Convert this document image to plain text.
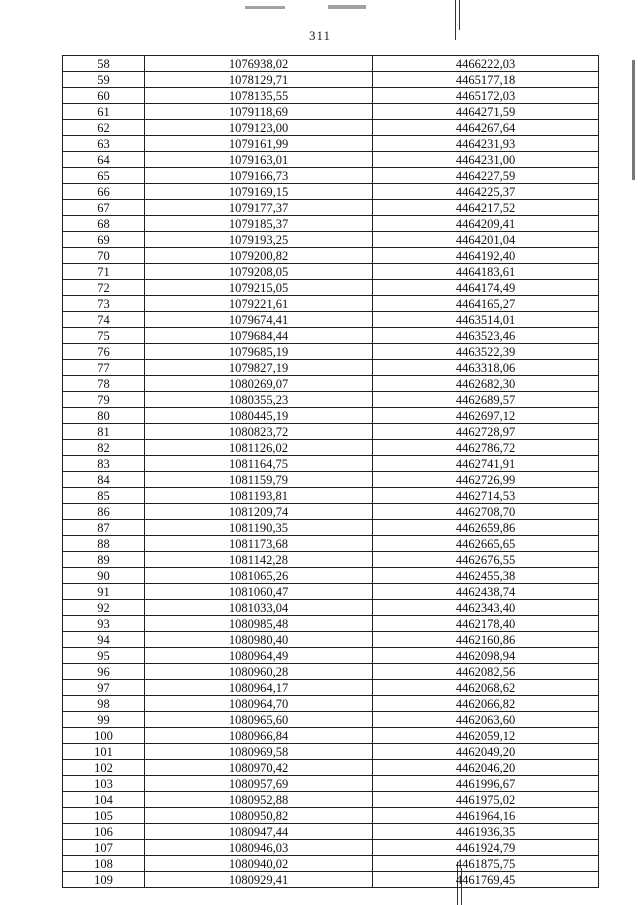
311
58	1076938,02	4466222,03
59	1078129,71	4465177,18
60	1078135,55	4465172,03
61	1079118,69	4464271,59
62	1079123,00	4464267,64
63	1079161,99	4464231,93
64	1079163,01	4464231,00
65	1079166,73	4464227,59
66	1079169,15	4464225,37
67	1079177,37	4464217,52
68	1079185,37	4464209,41
69	1079193,25	4464201,04
70	1079200,82	4464192,40
71	1079208,05	4464183,61
72	1079215,05	4464174,49
73	1079221,61	4464165,27
74	1079674,41	4463514,01
75	1079684,44	4463523,46
76	1079685,19	4463522,39
77	1079827,19	4463318,06
78	1080269,07	4462682,30
79	1080355,23	4462689,57
80	1080445,19	4462697,12
81	1080823,72	4462728,97
82	1081126,02	4462786,72
83	1081164,75	4462741,91
84	1081159,79	4462726,99
85	1081193,81	4462714,53
86	1081209,74	4462708,70
87	1081190,35	4462659,86
88	1081173,68	4462665,65
89	1081142,28	4462676,55
90	1081065,26	4462455,38
91	1081060,47	4462438,74
92	1081033,04	4462343,40
93	1080985,48	4462178,40
94	1080980,40	4462160,86
95	1080964,49	4462098,94
96	1080960,28	4462082,56
97	1080964,17	4462068,62
98	1080964,70	4462066,82
99	1080965,60	4462063,60
100	1080966,84	4462059,12
101	1080969,58	4462049,20
102	1080970,42	4462046,20
103	1080957,69	4461996,67
104	1080952,88	4461975,02
105	1080950,82	4461964,16
106	1080947,44	4461936,35
107	1080946,03	4461924,79
108	1080940,02	4461875,75
109	1080929,41	4461769,45
